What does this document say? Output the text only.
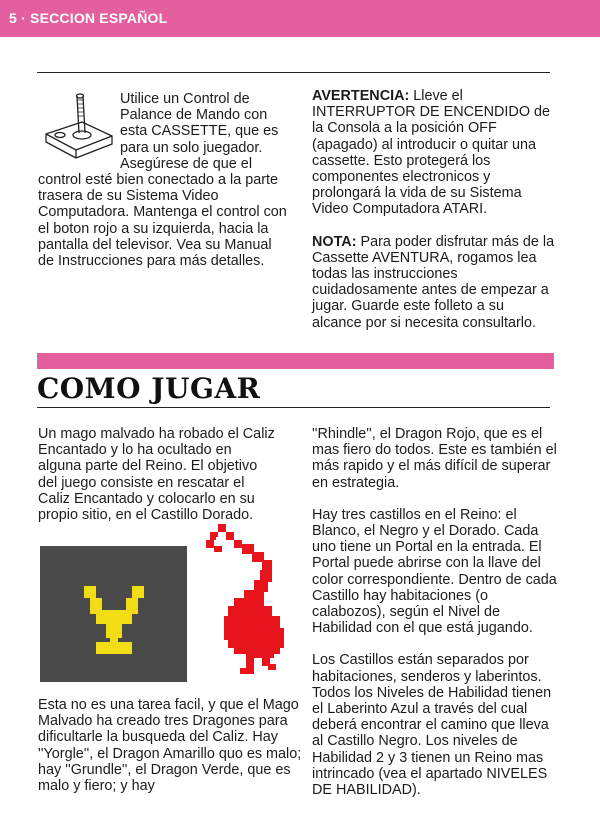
5 · SECCION ESPAÑOL
Utilice un Control de Palance de Mando con esta CASSETTE, que es para un solo juegador. Asegúrese de que el control esté bien conectado a la parte trasera de su Sistema Video Computadora. Mantenga el control con el boton rojo a su izquierda, hacia la pantalla del televisor. Vea su Manual de Instrucciones para más detalles.

AVERTENCIA: Lleve el INTERRUPTOR DE ENCENDIDO de la Consola a la posición OFF (apagado) al introducir o quitar una cassette. Esto protegerá los componentes electronicos y prolongará la vida de su Sistema Video Computadora ATARI.

NOTA: Para poder disfrutar más de la Cassette AVENTURA, rogamos lea todas las instrucciones cuidadosamente antes de empezar a jugar. Guarde este folleto a su alcance por si necesita consultarlo.

COMO JUGAR

Un mago malvado ha robado el Caliz Encantado y lo ha ocultado en alguna parte del Reino. El objetivo del juego consiste en rescatar el Caliz Encantado y colocarlo en su propio sitio, en el Castillo Dorado.

Esta no es una tarea facil, y que el Mago Malvado ha creado tres Dragones para dificultarle la busqueda del Caliz. Hay ''Yorgle'', el Dragon Amarillo quo es malo; hay ''Grundle'', el Dragon Verde, que es malo y fiero; y hay

''Rhindle'', el Dragon Rojo, que es el mas fiero do todos. Este es también el más rapido y el más difícil de superar en estrategia.

Hay tres castillos en el Reino: el Blanco, el Negro y el Dorado. Cada uno tiene un Portal en la entrada. El Portal puede abrirse con la llave del color correspondiente. Dentro de cada Castillo hay habitaciones (o calabozos), según el Nivel de Habilidad con el que está jugando.

Los Castillos están separados por habitaciones, senderos y laberintos. Todos los Niveles de Habilidad tienen el Laberinto Azul a través del cual deberá encontrar el camino que lleva al Castillo Negro. Los niveles de Habilidad 2 y 3 tienen un Reino mas intrincado (vea el apartado NIVELES DE HABILIDAD).
